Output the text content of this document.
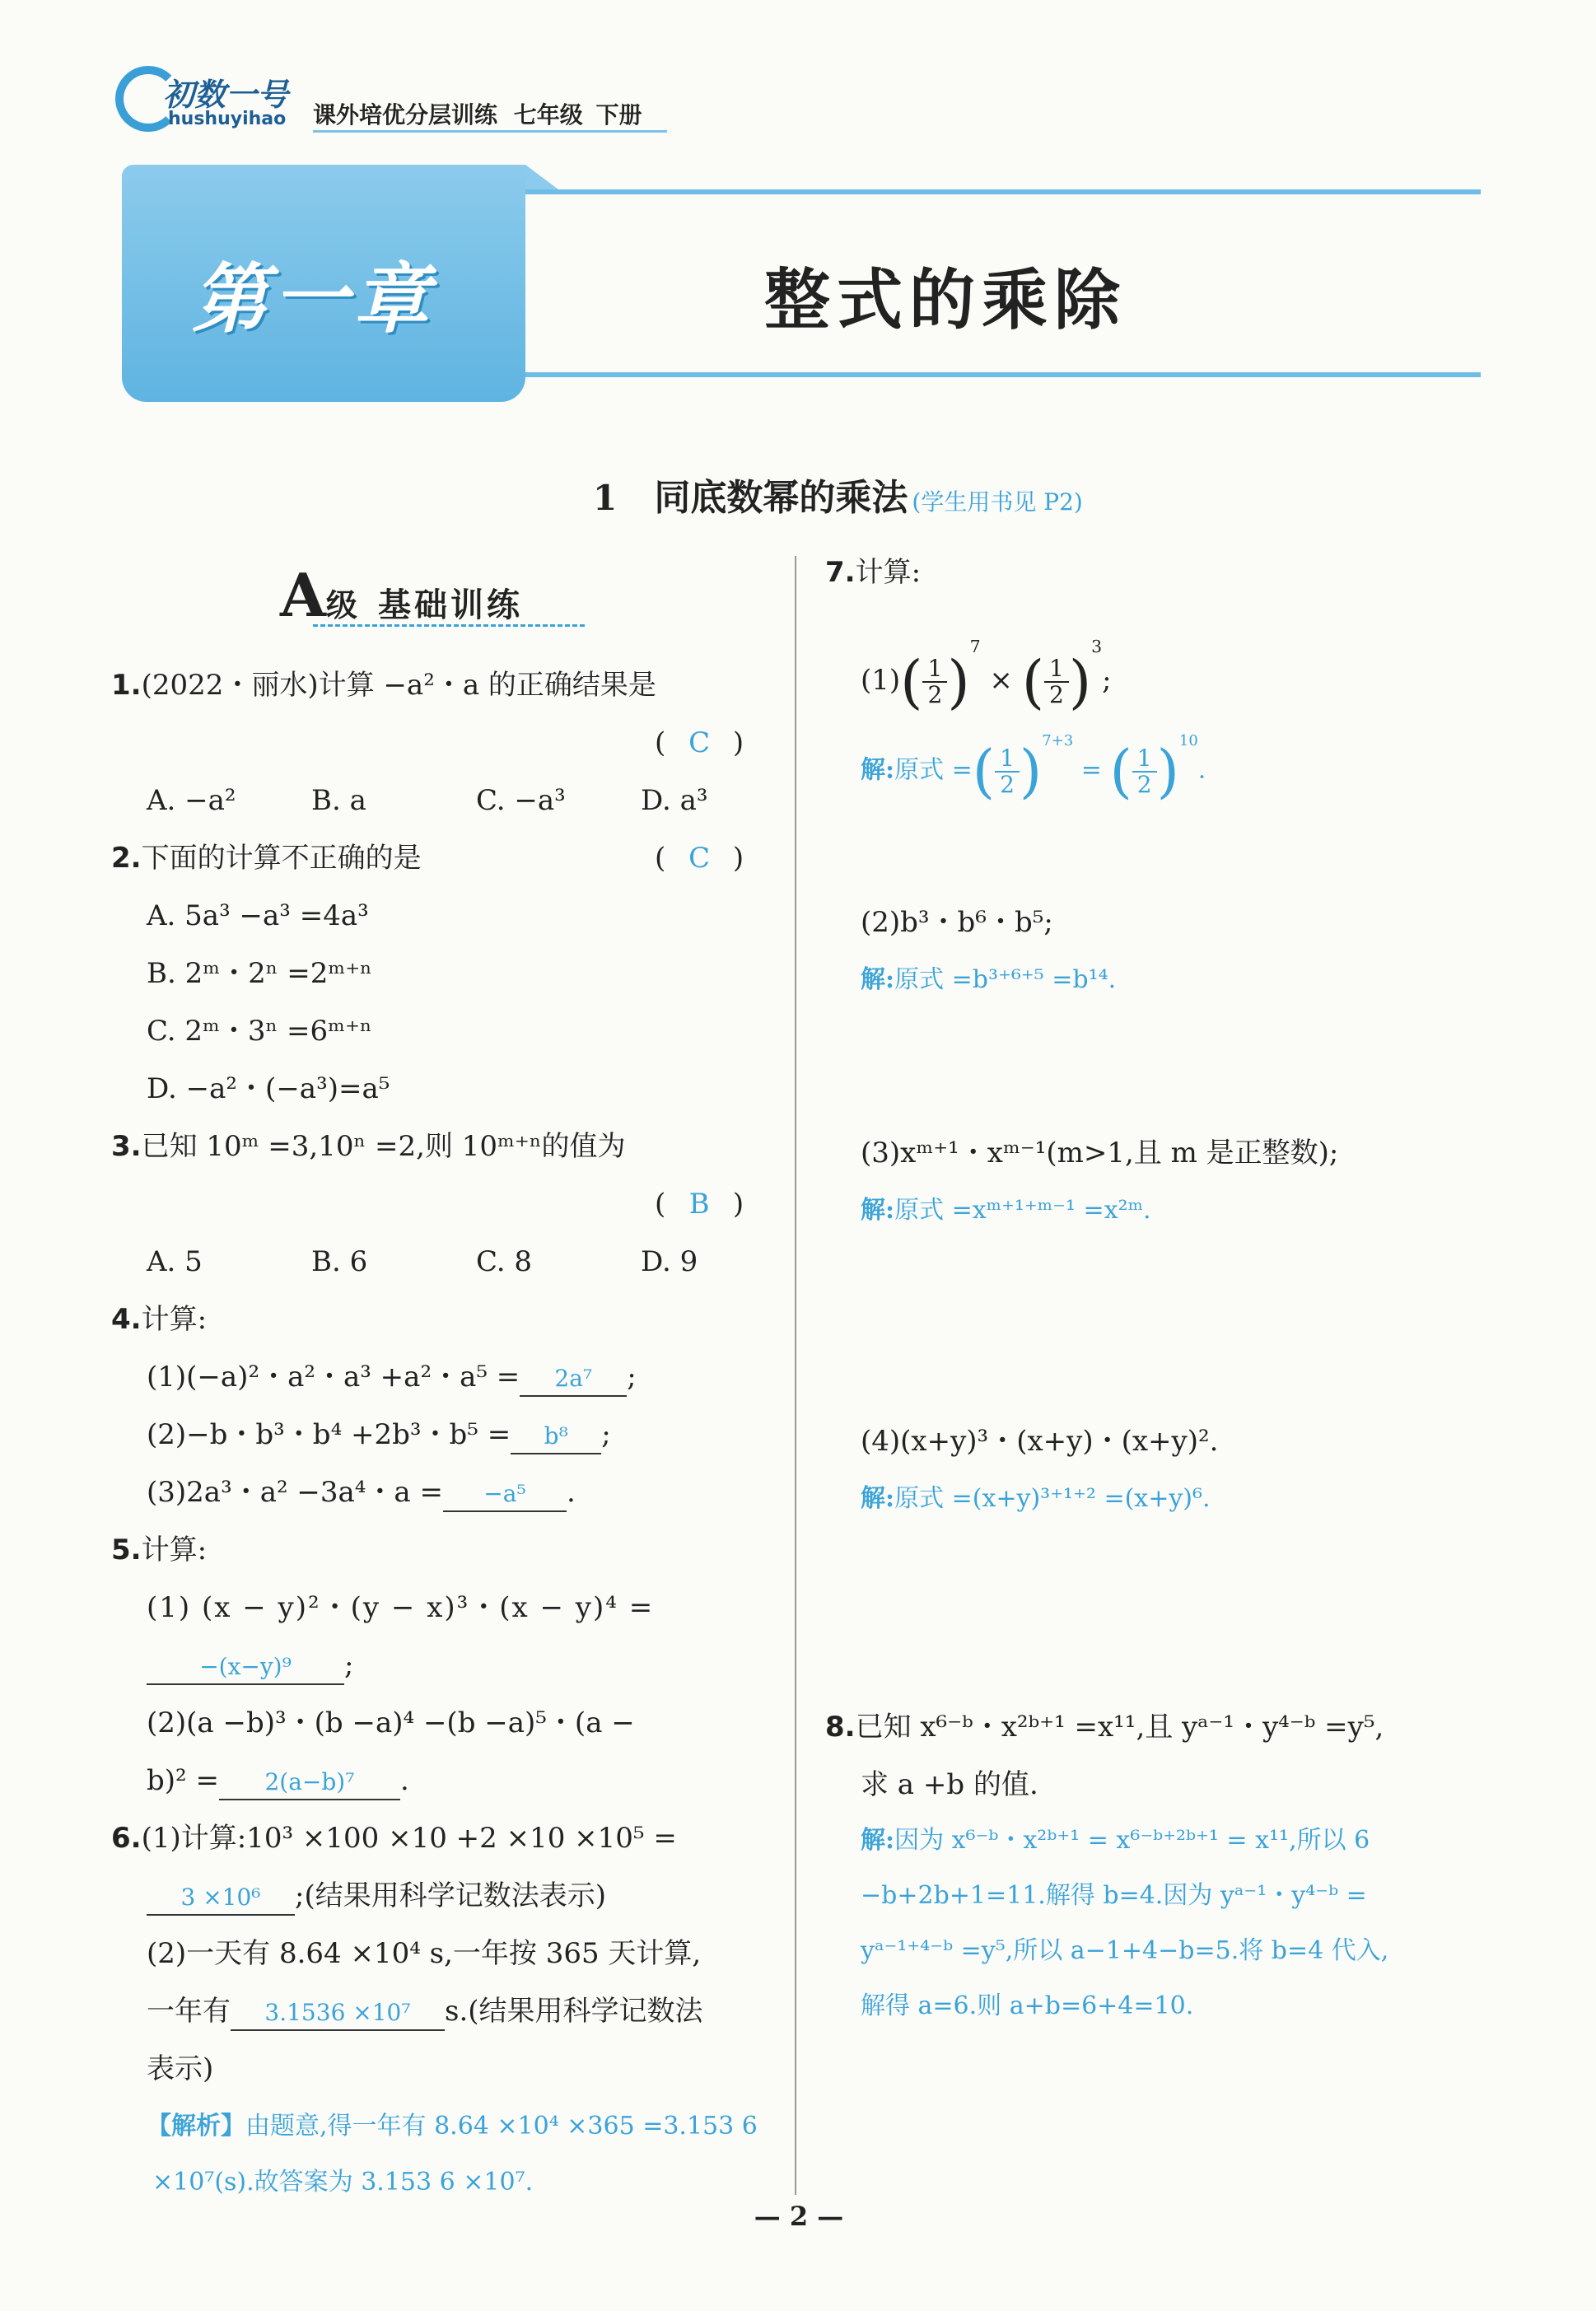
初数一号
hushuyihao 课外培优分层训练 七年级 下册
第一章	整式的乘除
1 同底数幂的乘法 (学生用书见 P2)
A级 基础训练
1.(2022・丽水)计算 −a²・a 的正确结果是
( C )
A. −a²	B. a	C. −a³	D. a³
2.下面的计算不正确的是	( C )
A. 5a³ −a³ =4a³
B. 2ᵐ・2ⁿ =2ᵐ⁺ⁿ
C. 2ᵐ・3ⁿ =6ᵐ⁺ⁿ
D. −a²・(−a³)=a⁵
3.已知 10ᵐ =3,10ⁿ =2,则 10ᵐ⁺ⁿ的值为
( B )
A. 5	B. 6	C. 8	D. 9
4.计算:
(1)(−a)²・a²・a³ +a²・a⁵ = 2a⁷ ;
(2)−b・b³・b⁴ +2b³・b⁵ = b⁸ ;
(3)2a³・a² −3a⁴・a = −a⁵ .
5.计算:
(1) (x − y)²・(y − x)³・(x − y)⁴ =
−(x−y)⁹ ;
(2)(a −b)³・(b −a)⁴ −(b −a)⁵・(a −
b)² = 2(a−b)⁷ .
6.(1)计算:10³ ×100 ×10 +2 ×10 ×10⁵ =
3 ×10⁶ ;(结果用科学记数法表示)
(2)一天有 8.64 ×10⁴ s,一年按 365 天计算,
一年有 3.1536 ×10⁷ s.(结果用科学记数法
表示)
【解析】由题意,得一年有 8.64 ×10⁴ ×365 =3.153 6
×10⁷(s).故答案为 3.153 6 ×10⁷.
7.计算:
$(1)( \frac{1}{2} )^7$ × ( $\frac{1}{2} )^3$;
解:原式 =( $\frac{1}{2} )^{7+3}$ = ( $\frac{1}{2} )^{10}$.
(2)b³・b⁶・b⁵;
解:原式 =b³⁺⁶⁺⁵ =b¹⁴.
(3)xᵐ⁺¹・xᵐ⁻¹(m>1,且 m 是正整数);
解:原式 =xᵐ⁺¹⁺ᵐ⁻¹ =x²ᵐ.
(4)(x+y)³・(x+y)・(x+y)².
解:原式 =(x+y)³⁺¹⁺² =(x+y)⁶.
8.已知 x⁶⁻ᵇ・x²ᵇ⁺¹ =x¹¹,且 yᵃ⁻¹・y⁴⁻ᵇ =y⁵,
求 a +b 的值.
解:因为 x⁶⁻ᵇ・x²ᵇ⁺¹ = x⁶⁻ᵇ⁺²ᵇ⁺¹ = x¹¹,所以 6
−b+2b+1=11.解得 b=4.因为 yᵃ⁻¹・y⁴⁻ᵇ =
yᵃ⁻¹⁺⁴⁻ᵇ =y⁵,所以 a−1+4−b=5.将 b=4 代入,
解得 a=6.则 a+b=6+4=10.
— 2 —
